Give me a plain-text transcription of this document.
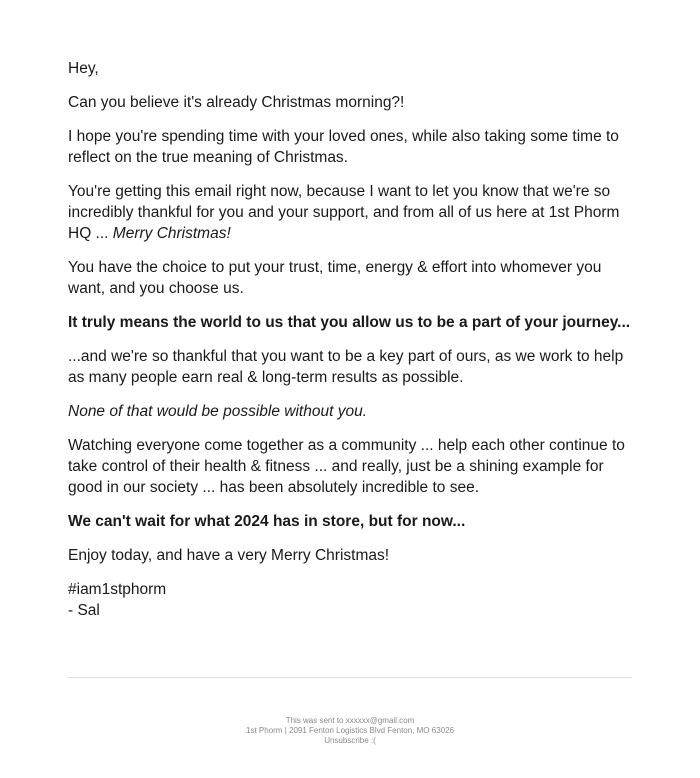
Hey,

Can you believe it's already Christmas morning?!

I hope you're spending time with your loved ones, while also taking some time to reflect on the true meaning of Christmas.

You're getting this email right now, because I want to let you know that we're so incredibly thankful for you and your support, and from all of us here at 1st Phorm HQ ... Merry Christmas!

You have the choice to put your trust, time, energy & effort into whomever you want, and you choose us.

It truly means the world to us that you allow us to be a part of your journey...

...and we're so thankful that you want to be a key part of ours, as we work to help as many people earn real & long-term results as possible.

None of that would be possible without you.

Watching everyone come together as a community ... help each other continue to take control of their health & fitness ... and really, just be a shining example for good in our society ... has been absolutely incredible to see.

We can't wait for what 2024 has in store, but for now...

Enjoy today, and have a very Merry Christmas!

#iam1stphorm
- Sal

This was sent to xxxxxx@gmail.com
1st Phorm | 2091 Fenton Logistics Blvd Fenton, MO 63026
Unsubscribe :(
